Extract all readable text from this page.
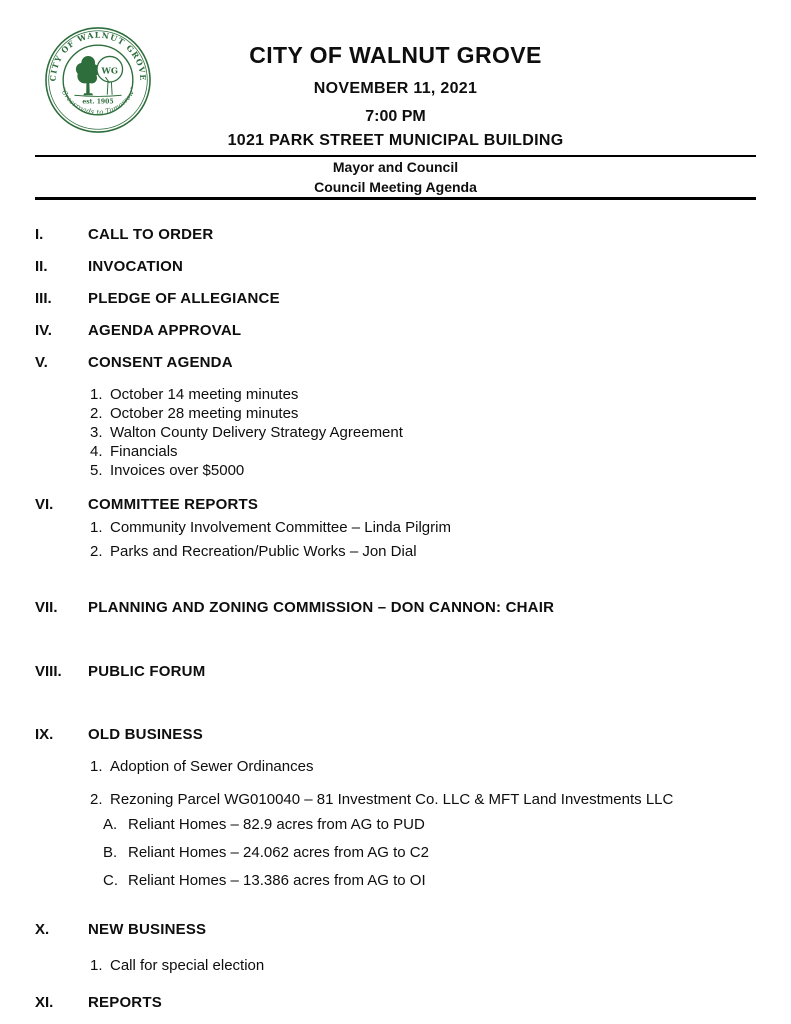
CITY OF WALNUT GROVE
“Crossroads to Tomorrow”
WG
est. 1905
CITY OF WALNUT GROVE
NOVEMBER 11, 2021
7:00 PM
1021 PARK STREET MUNICIPAL BUILDING
Mayor and Council
Council Meeting Agenda
I.	CALL TO ORDER
II.	INVOCATION
III.	PLEDGE OF ALLEGIANCE
IV.	AGENDA APPROVAL
V.	CONSENT AGENDA
1. October 14 meeting minutes
2. October 28 meeting minutes
3. Walton County Delivery Strategy Agreement
4. Financials
5. Invoices over $5000
VI.	COMMITTEE REPORTS
1. Community Involvement Committee – Linda Pilgrim
2. Parks and Recreation/Public Works – Jon Dial
VII.	PLANNING AND ZONING COMMISSION – DON CANNON: CHAIR
VIII.	PUBLIC FORUM
IX.	OLD BUSINESS
1. Adoption of Sewer Ordinances
2. Rezoning Parcel WG010040 – 81 Investment Co. LLC & MFT Land Investments LLC
A. Reliant Homes – 82.9 acres from AG to PUD
B. Reliant Homes – 24.062 acres from AG to C2
C. Reliant Homes – 13.386 acres from AG to OI
X.	NEW BUSINESS
1. Call for special election
XI.	REPORTS
